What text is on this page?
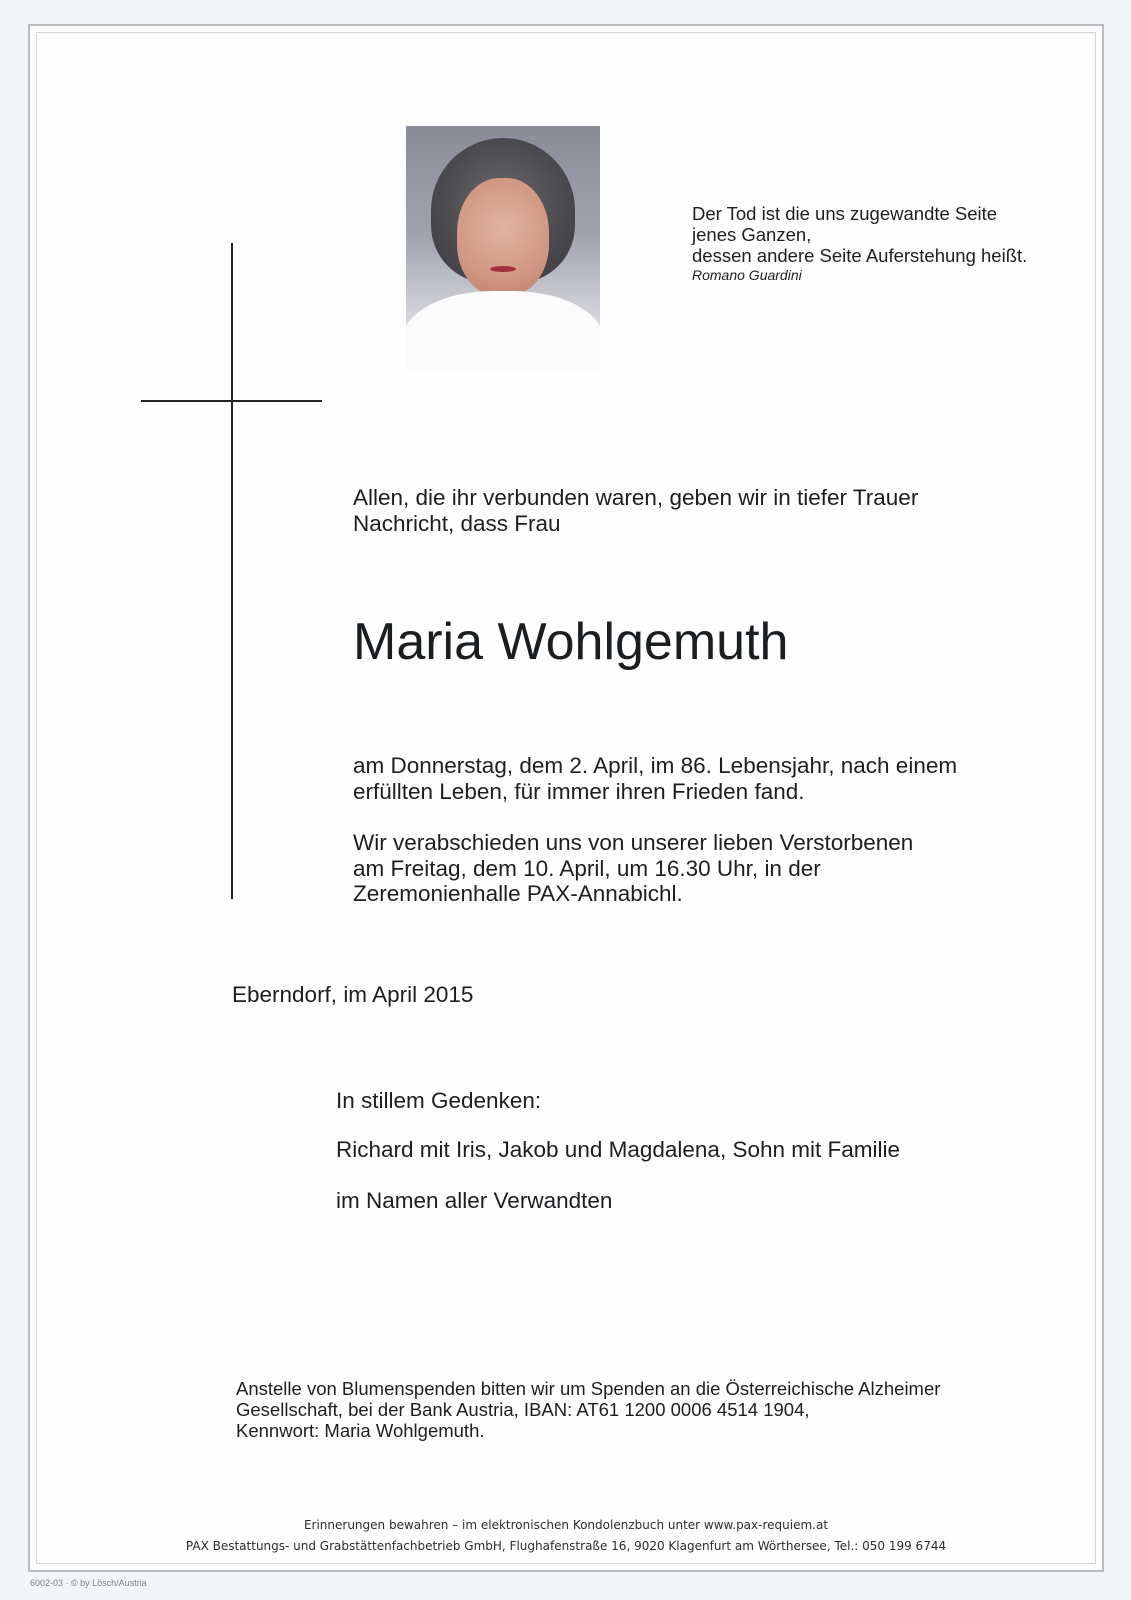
Der Tod ist die uns zugewandte Seite
jenes Ganzen,
dessen andere Seite Auferstehung heißt.
Romano Guardini
Allen, die ihr verbunden waren, geben wir in tiefer Trauer
Nachricht, dass Frau
Maria Wohlgemuth
am Donnerstag, dem 2. April, im 86. Lebensjahr, nach einem
erfüllten Leben, für immer ihren Frieden fand.
Wir verabschieden uns von unserer lieben Verstorbenen
am Freitag, dem 10. April, um 16.30 Uhr, in der
Zeremonienhalle PAX-Annabichl.
Eberndorf, im April 2015
In stillem Gedenken:
Richard mit Iris, Jakob und Magdalena, Sohn mit Familie
im Namen aller Verwandten
Anstelle von Blumenspenden bitten wir um Spenden an die Österreichische Alzheimer
Gesellschaft, bei der Bank Austria, IBAN: AT61 1200 0006 4514 1904,
Kennwort: Maria Wohlgemuth.
Erinnerungen bewahren – im elektronischen Kondolenzbuch unter www.pax-requiem.at
PAX Bestattungs- und Grabstättenfachbetrieb GmbH, Flughafenstraße 16, 9020 Klagenfurt am Wörthersee, Tel.: 050 199 6744
6002-03 · © by Lösch/Austria
